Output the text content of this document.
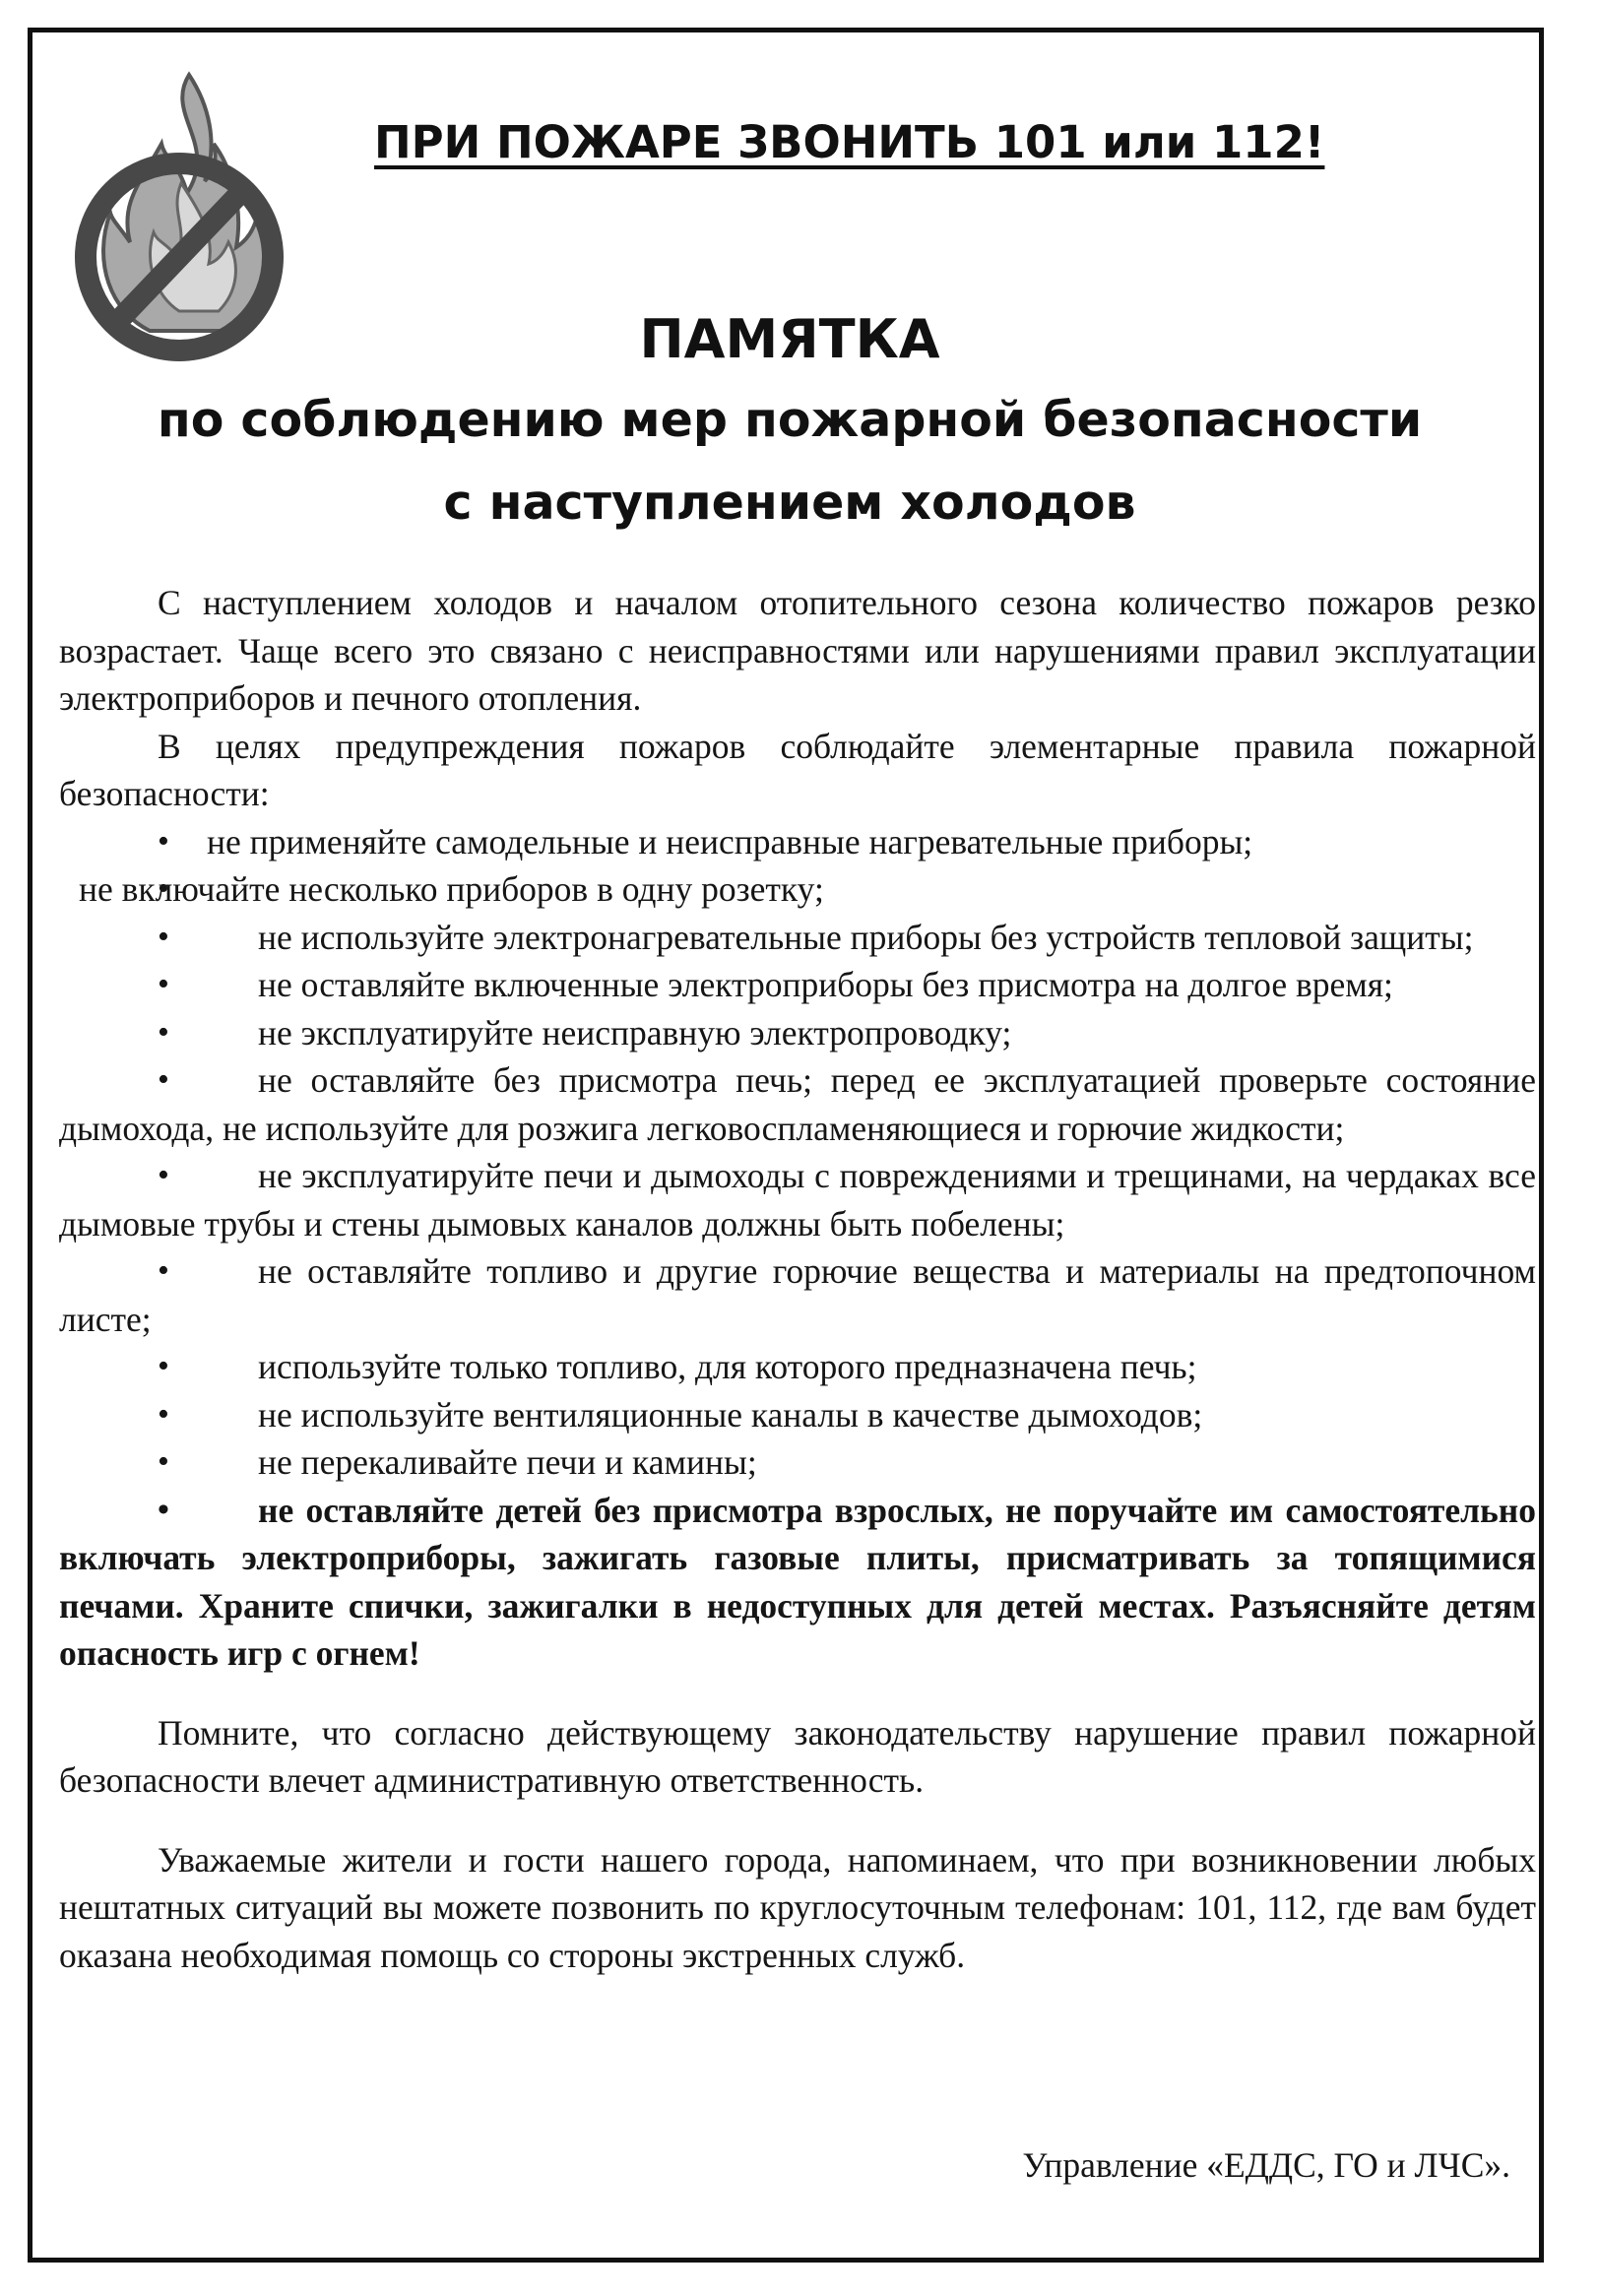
ПРИ ПОЖАРЕ ЗВОНИТЬ 101 или 112!
ПАМЯТКА
по соблюдению мер пожарной безопасности
с наступлением холодов

С наступлением холодов и началом отопительного сезона количество пожаров резко возрастает. Чаще всего это связано с неисправностями или нарушениями правил эксплуатации электроприборов и печного отопления.

В целях предупреждения пожаров соблюдайте элементарные правила пожарной безопасности:

• не применяйте самодельные и неисправные нагревательные приборы;
• не включайте несколько приборов в одну розетку;
• не используйте электронагревательные приборы без устройств тепловой защиты;
• не оставляйте включенные электроприборы без присмотра на долгое время;
• не эксплуатируйте неисправную электропроводку;
• не оставляйте без присмотра печь; перед ее эксплуатацией проверьте состояние дымохода, не используйте для розжига легковоспламеняющиеся и горючие жидкости;
• не эксплуатируйте печи и дымоходы с повреждениями и трещинами, на чердаках все дымовые трубы и стены дымовых каналов должны быть побелены;
• не оставляйте топливо и другие горючие вещества и материалы на предтопочном листе;
• используйте только топливо, для которого предназначена печь;
• не используйте вентиляционные каналы в качестве дымоходов;
• не перекаливайте печи и камины;
• не оставляйте детей без присмотра взрослых, не поручайте им самостоятельно включать электроприборы, зажигать газовые плиты, присматривать за топящимися печами. Храните спички, зажигалки в недоступных для детей местах. Разъясняйте детям опасность игр с огнем!

Помните, что согласно действующему законодательству нарушение правил пожарной безопасности влечет административную ответственность.

Уважаемые жители и гости нашего города, напоминаем, что при возникновении любых нештатных ситуаций вы можете позвонить по круглосуточным телефонам: 101, 112, где вам будет оказана необходимая помощь со стороны экстренных служб.

Управление «ЕДДС, ГО и ЛЧС».
